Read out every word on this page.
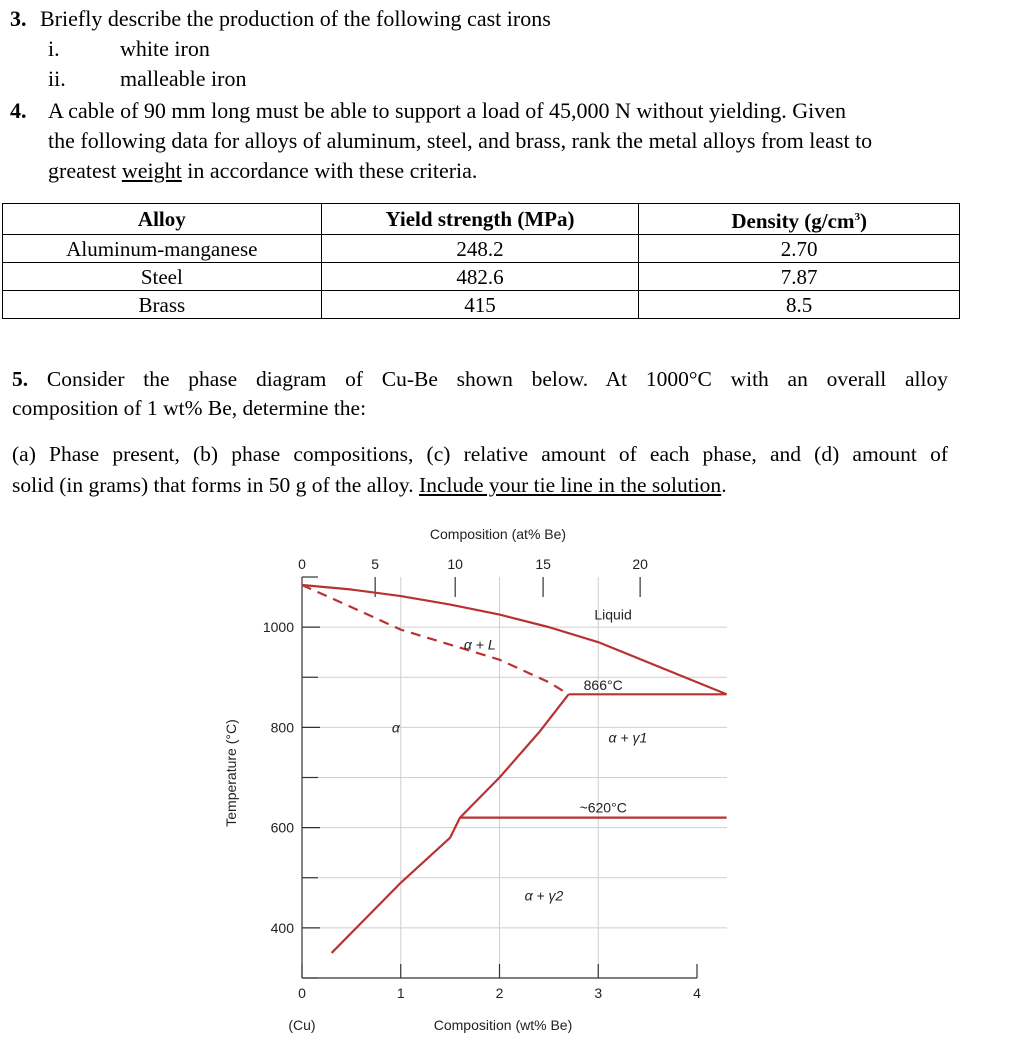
3. Briefly describe the production of the following cast irons
i.	white iron
ii. malleable iron
4. A cable of 90 mm long must be able to support a load of 45,000 N without yielding. Given
the following data for alloys of aluminum, steel, and brass, rank the metal alloys from least to
greatest weight in accordance with these criteria.
Alloy	Yield strength (MPa)	Density $(g/cm^3)$
Aluminum-manganese	248.2	2.70
Steel	482.6	7.87
Brass	415	8.5
5. Consider the phase diagram of Cu-Be shown below. At 1000°C with an overall alloy
composition of 1 wt% Be, determine the:
(a) Phase present, (b) phase compositions, (c) relative amount of each phase, and (d) amount of
solid (in grams) that forms in 50 g of the alloy. Include your tie line in the solution.
400
600
800
1000
0	1	2	3	4
0	5	10	15	20
Composition (at% Be)
Composition (wt% Be)
(Cu)
Temperature (°C)
Liquid
α + L
866°C
α
α + γ1
~620°C
α + γ2
